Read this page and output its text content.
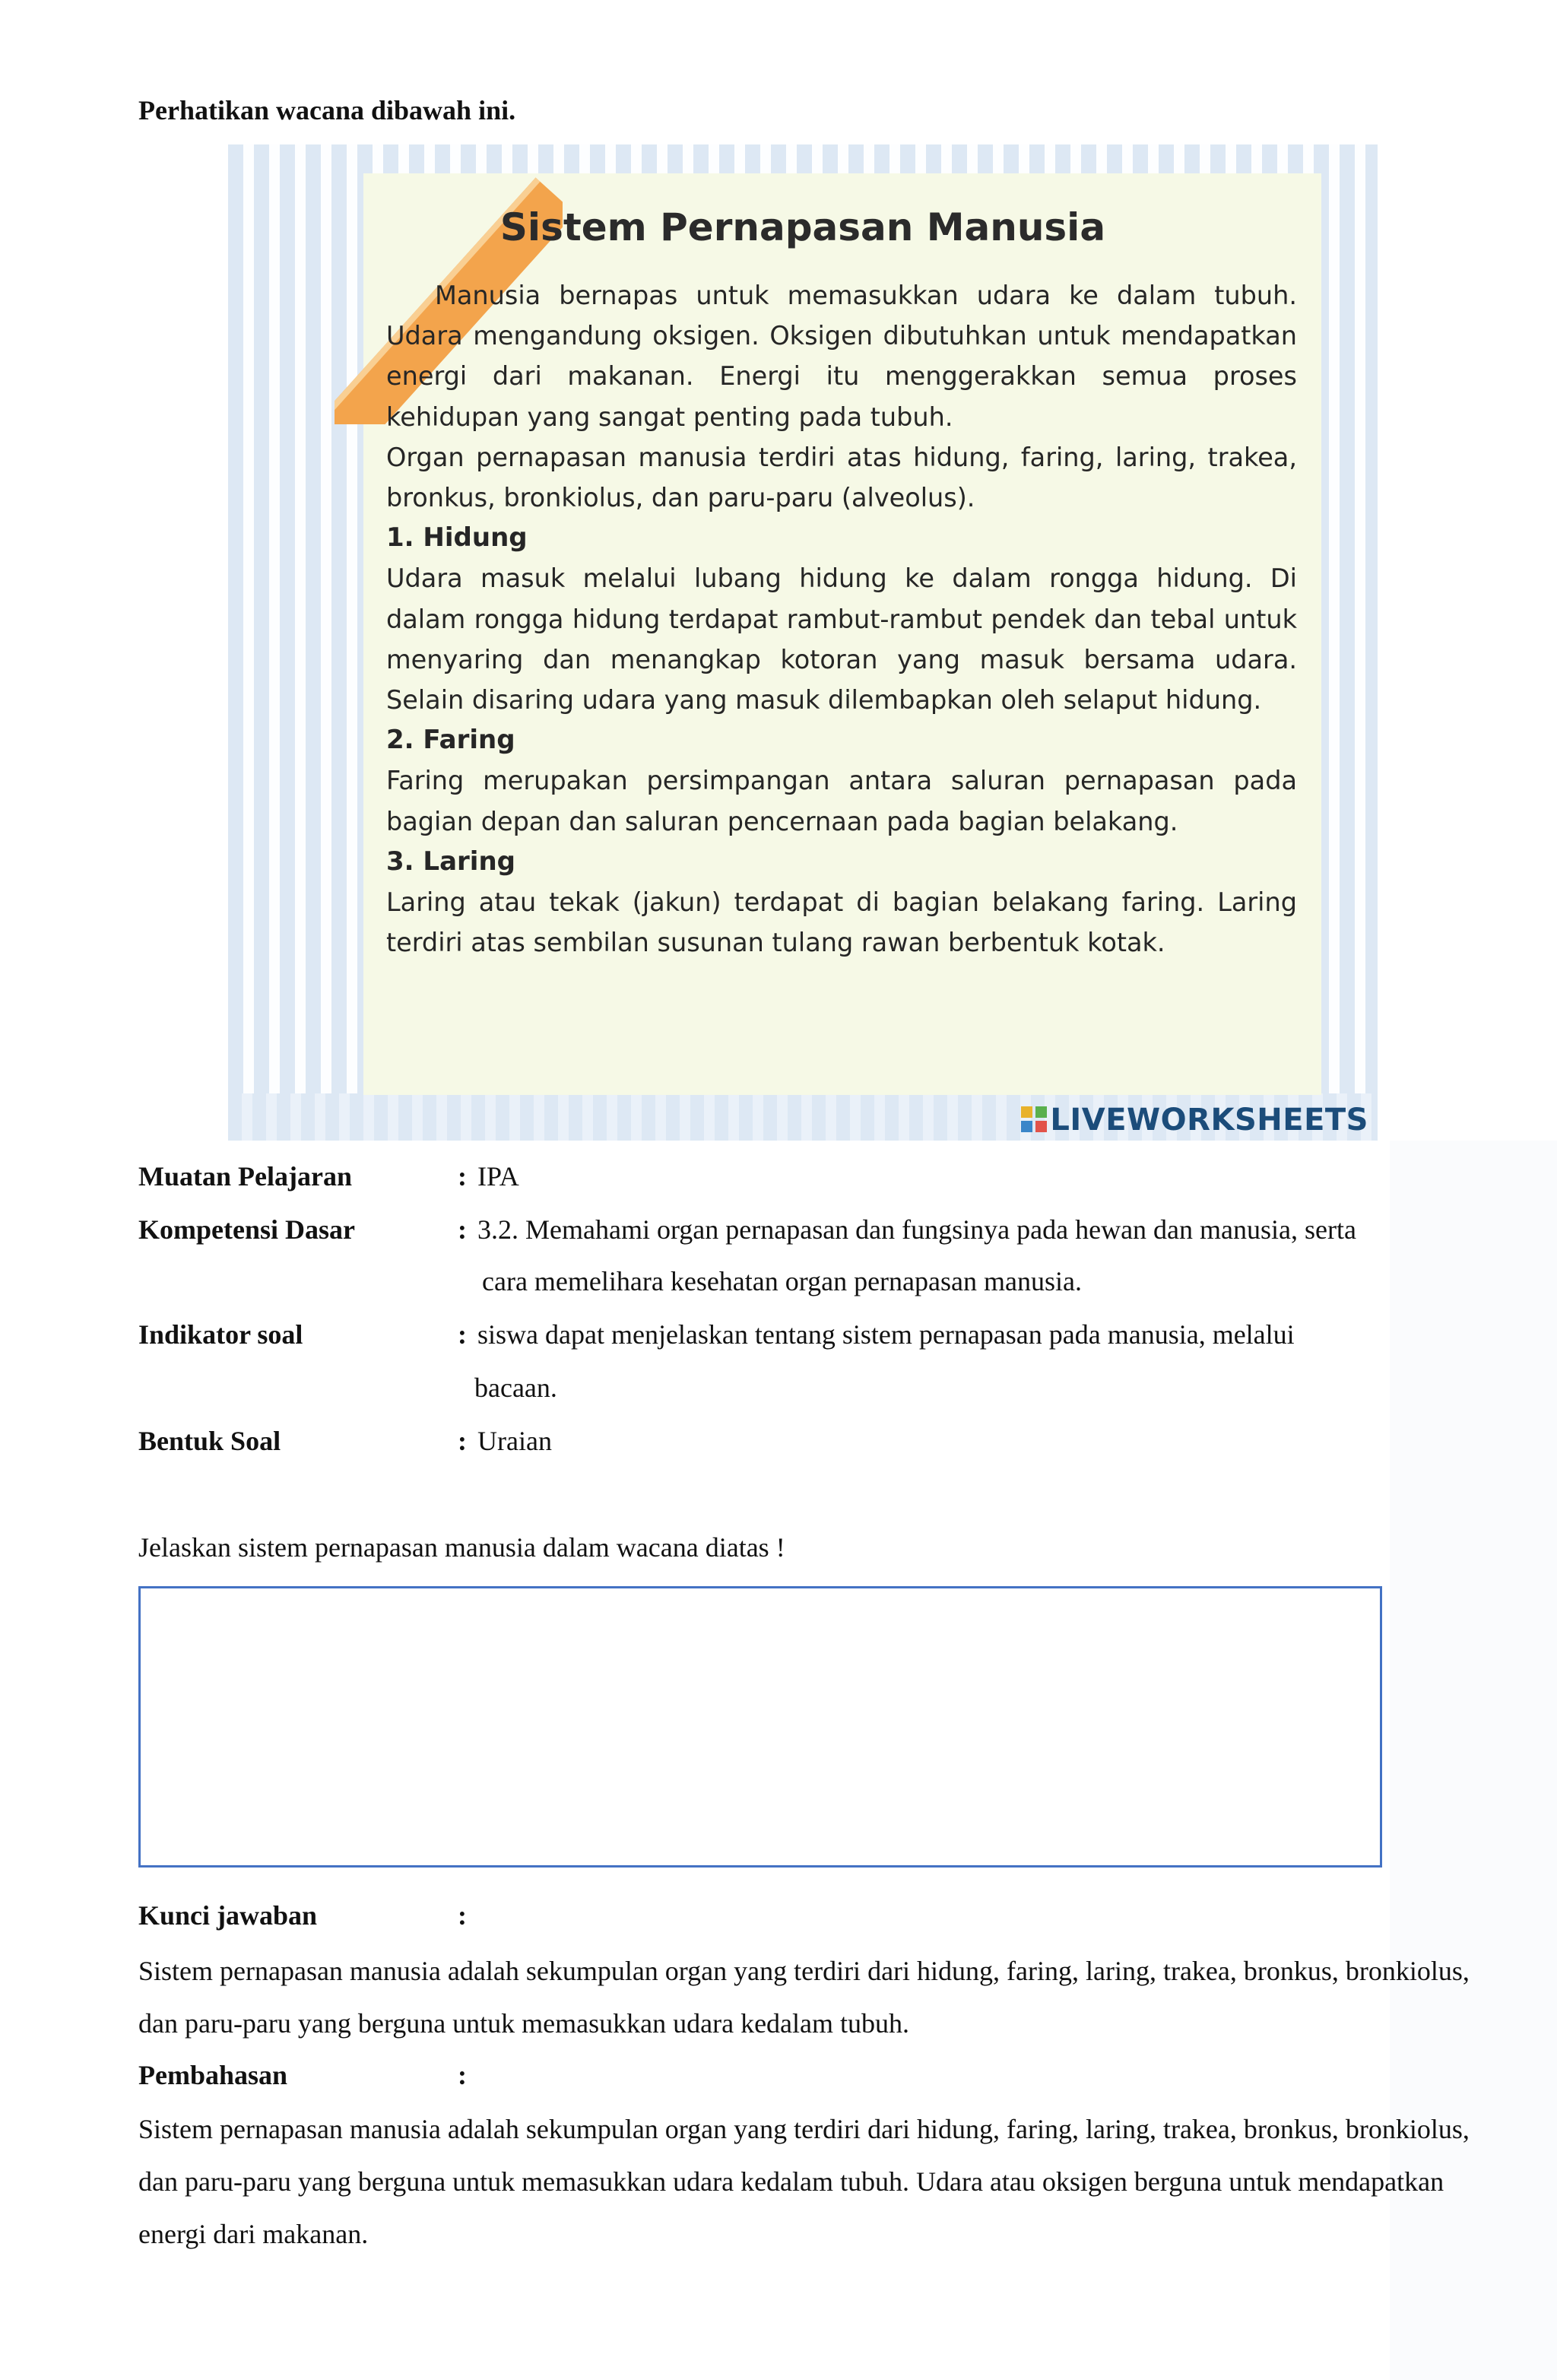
Perhatikan wacana dibawah ini.
Sistem Pernapasan Manusia

Manusia bernapas untuk memasukkan udara ke dalam tubuh. Udara mengandung oksigen. Oksigen dibutuhkan untuk mendapatkan energi dari makanan. Energi itu menggerakkan semua proses kehidupan yang sangat penting pada tubuh.

Organ pernapasan manusia terdiri atas hidung, faring, laring, trakea, bronkus, bronkiolus, dan paru-paru (alveolus).

1. Hidung

Udara masuk melalui lubang hidung ke dalam rongga hidung. Di dalam rongga hidung terdapat rambut-rambut pendek dan tebal untuk menyaring dan menangkap kotoran yang masuk bersama udara. Selain disaring udara yang masuk dilembapkan oleh selaput hidung.

2. Faring

Faring merupakan persimpangan antara saluran pernapasan pada bagian depan dan saluran pencernaan pada bagian belakang.

3. Laring

Laring atau tekak (jakun) terdapat di bagian belakang faring. Laring terdiri atas sembilan susunan tulang rawan berbentuk kotak.

LIVEWORKSHEETS
Muatan Pelajaran	: IPA
Kompetensi Dasar	: 3.2. Memahami organ pernapasan dan fungsinya pada hewan dan manusia, serta
cara memelihara kesehatan organ pernapasan manusia.
Indikator soal	: siswa dapat menjelaskan tentang sistem pernapasan pada manusia, melalui
bacaan.
Bentuk Soal	: Uraian
Jelaskan sistem pernapasan manusia dalam wacana diatas !
Kunci jawaban	:
Sistem pernapasan manusia adalah sekumpulan organ yang terdiri dari hidung, faring, laring, trakea, bronkus, bronkiolus, dan paru-paru yang berguna untuk memasukkan udara kedalam tubuh.
Pembahasan	:
Sistem pernapasan manusia adalah sekumpulan organ yang terdiri dari hidung, faring, laring, trakea, bronkus, bronkiolus, dan paru-paru yang berguna untuk memasukkan udara kedalam tubuh. Udara atau oksigen berguna untuk mendapatkan energi dari makanan.
